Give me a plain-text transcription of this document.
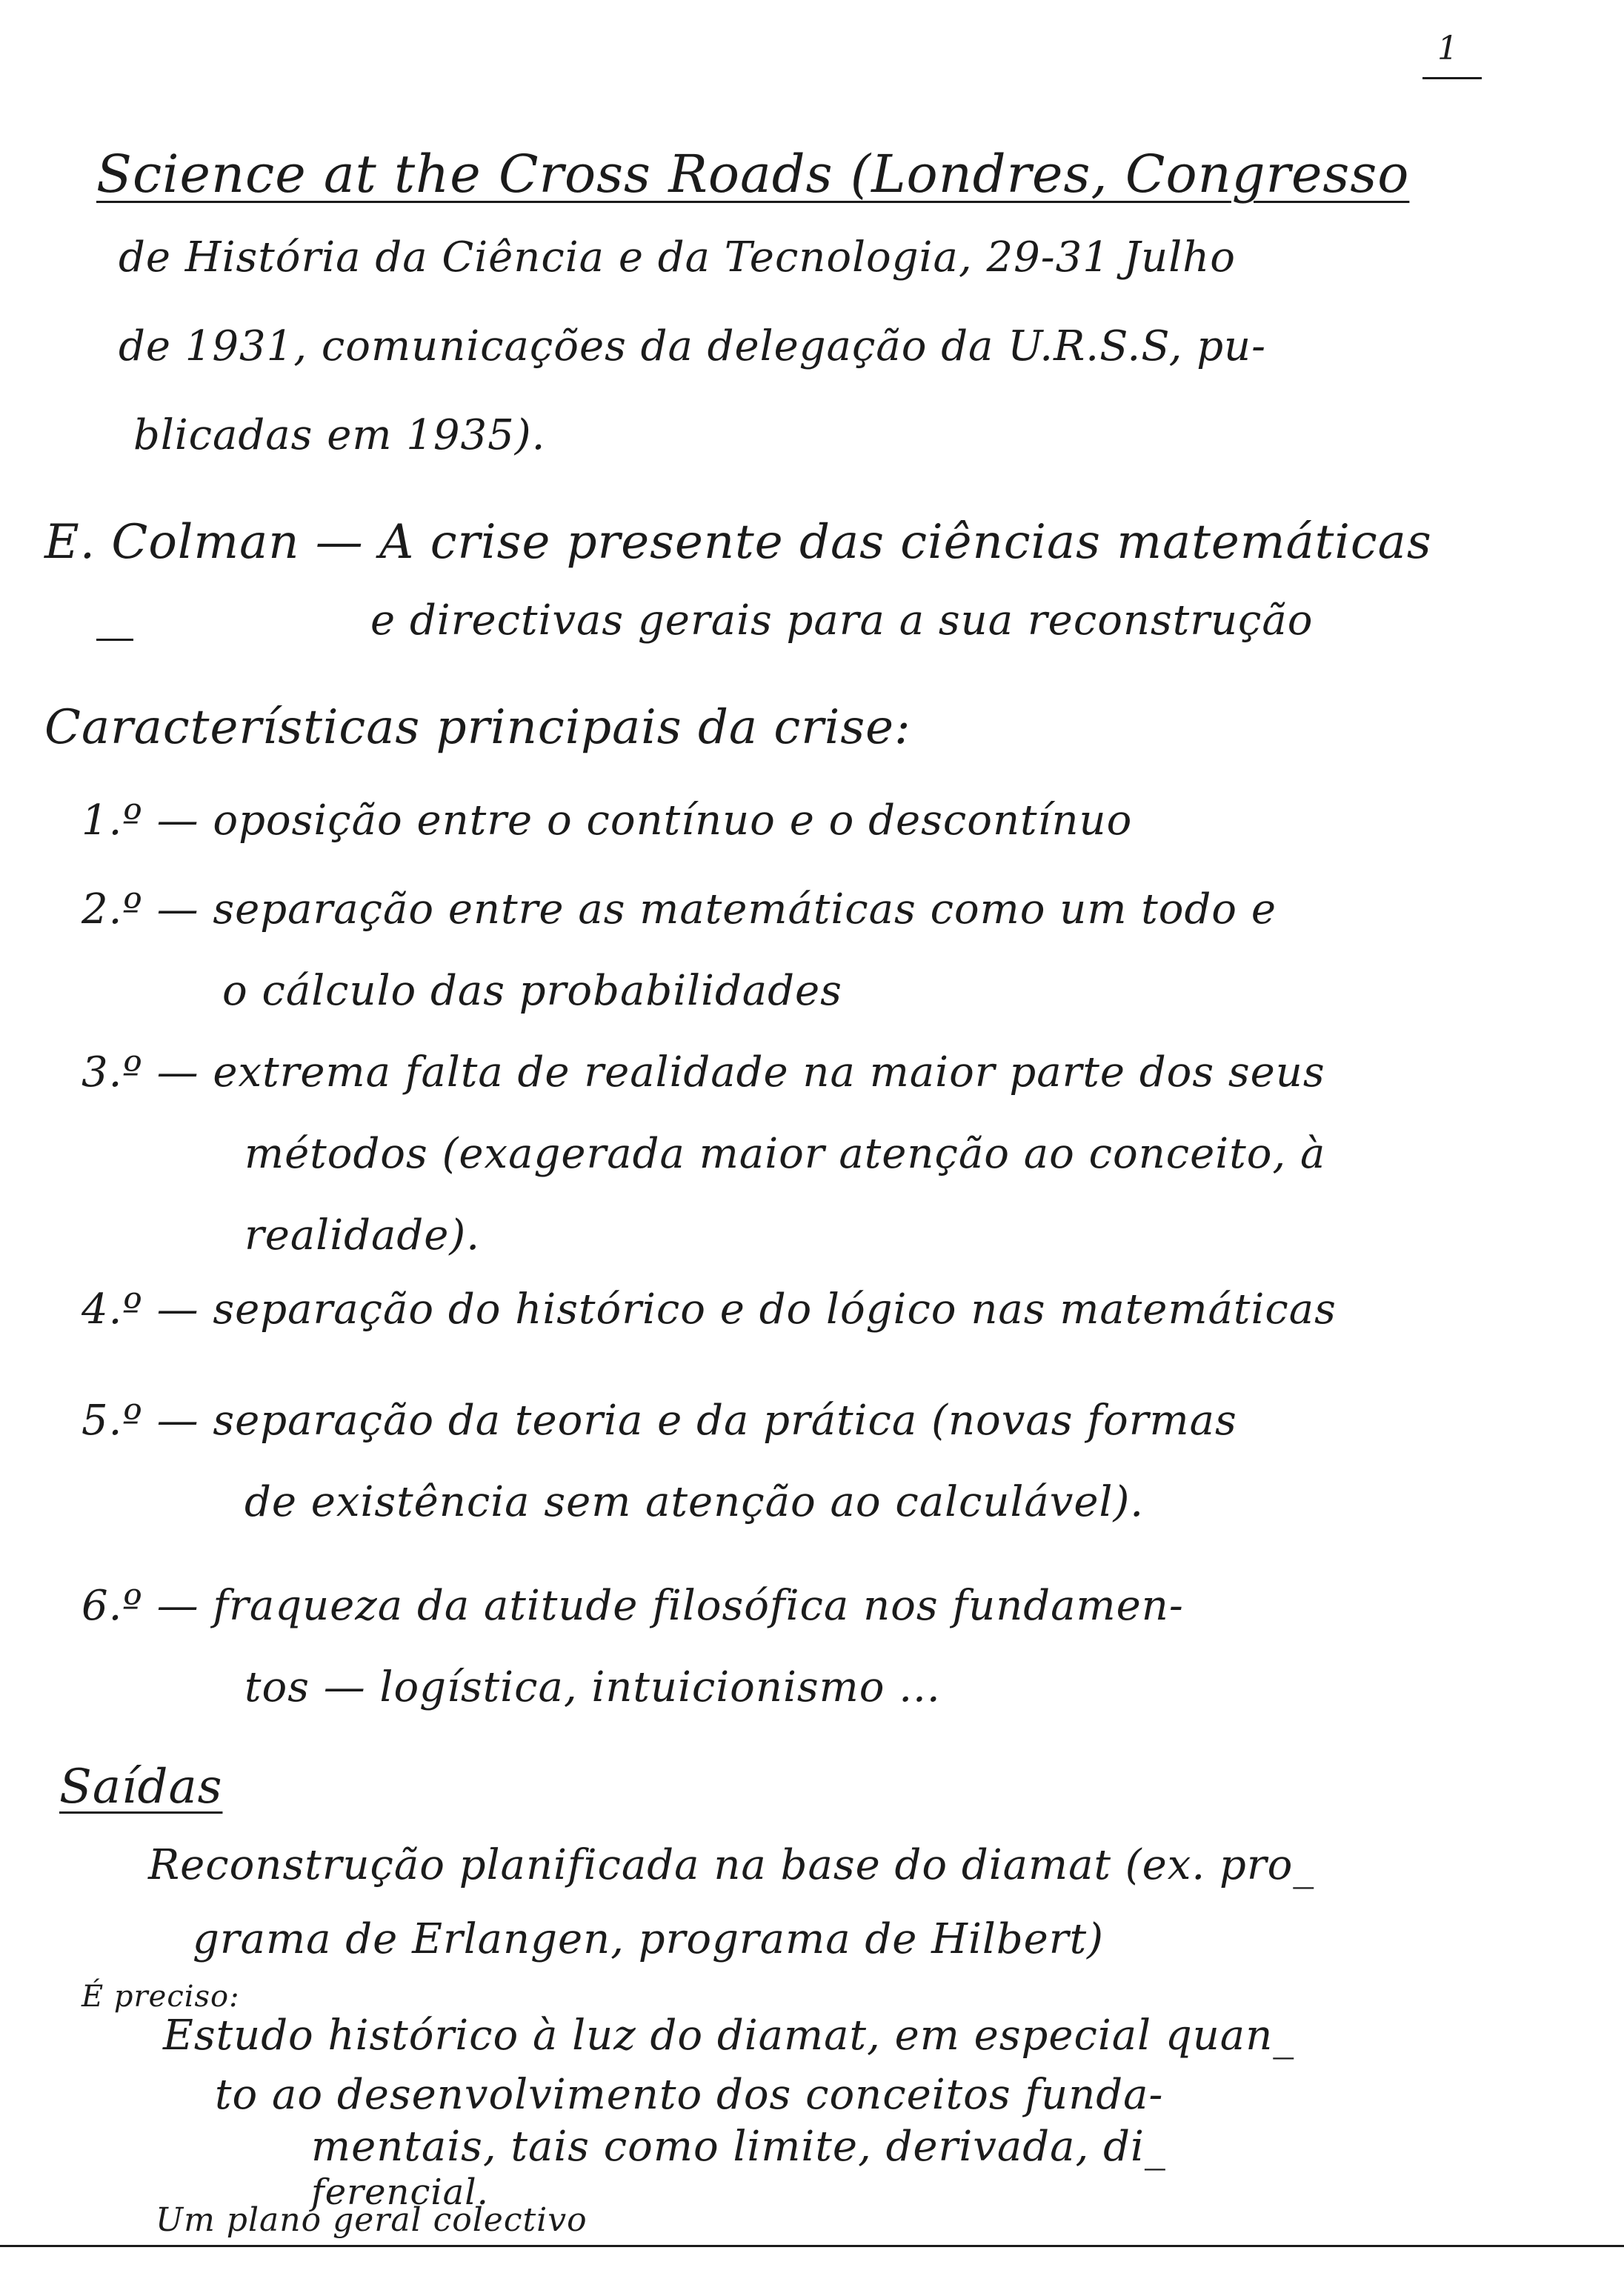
1
Science at the Cross Roads (Londres, Congresso
de História da Ciência e da Tecnologia, 29-31 Julho
de 1931, comunicações da delegação da U.R.S.S, pu-
blicadas em 1935).
E. Colman — A crise presente das ciências matemáticas
e directivas gerais para a sua reconstrução
Características principais da crise:
1.º — oposição entre o contínuo e o descontínuo
2.º — separação entre as matemáticas como um todo e
o cálculo das probabilidades
3.º — extrema falta de realidade na maior parte dos seus
métodos (exagerada maior atenção ao conceito, à
realidade).
4.º — separação do histórico e do lógico nas matemáticas
5.º — separação da teoria e da prática (novas formas
de existência sem atenção ao calculável).
6.º — fraqueza da atitude filosófica nos fundamen-
tos — logística, intuicionismo ...
Saídas
Reconstrução planificada na base do diamat (ex. pro_
grama de Erlangen, programa de Hilbert)
É preciso:
Estudo histórico à luz do diamat, em especial quan_
to ao desenvolvimento dos conceitos funda-
mentais, tais como limite, derivada, di_
ferencial.
Um plano geral colectivo
